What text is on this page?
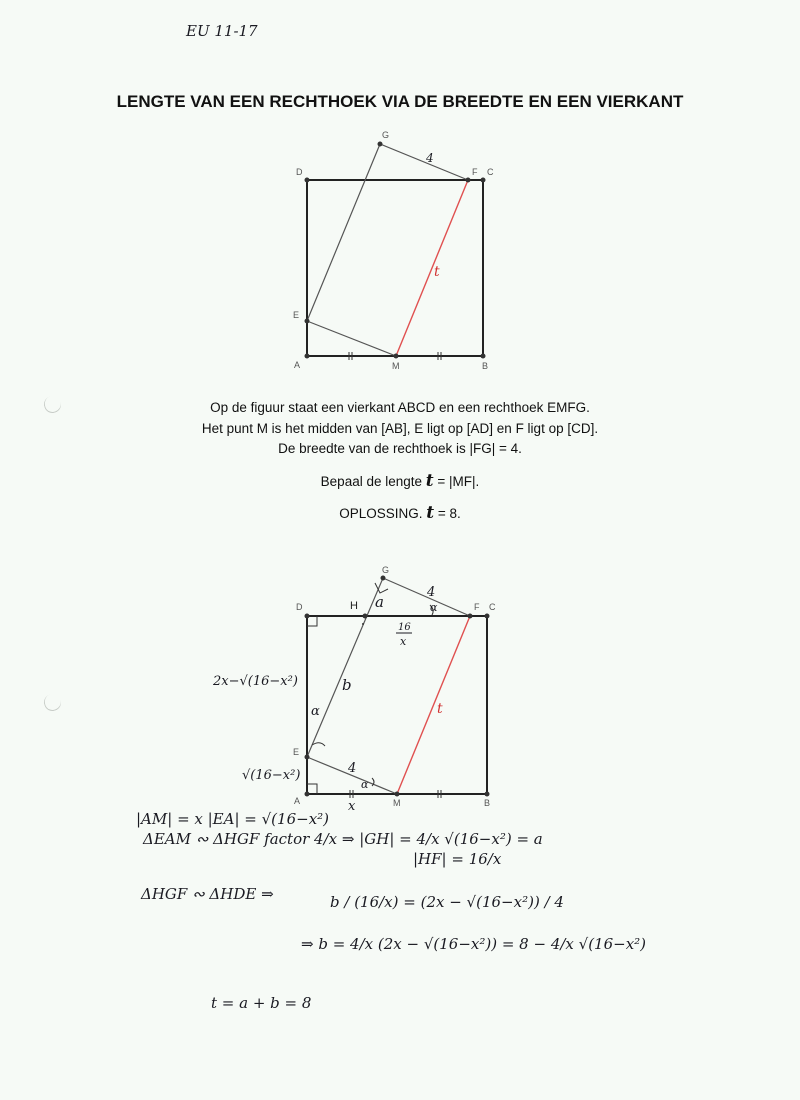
EU 11-17
LENGTE VAN EEN RECHTHOEK VIA DE BREEDTE EN EEN VIERKANT
D	C
F
G
E
A	M	B
4
t
D	C
F
G
H
E
A	M	B
a
4
α
16
x
b
t
α
4
α
x
2x−√(16−x²)
√(16−x²)
Op de figuur staat een vierkant ABCD en een rechthoek EMFG.
Het punt M is het midden van [AB], E ligt op [AD] en F ligt op [CD].
De breedte van de rechthoek is |FG| = 4.
Bepaal de lengte t = |MF|.
OPLOSSING. t = 8.
|AM| = x |EA| = √(16−x²)
ΔEAM ∾ ΔHGF factor 4/x ⇒ |GH| = 4/x √(16−x²) = a
|HF| = 16/x
ΔHGF ∾ ΔHDE ⇒	b / (16/x) = (2x − √(16−x²)) / 4
⇒ b = 4/x (2x − √(16−x²)) = 8 − 4/x √(16−x²)
t = a + b = 8
